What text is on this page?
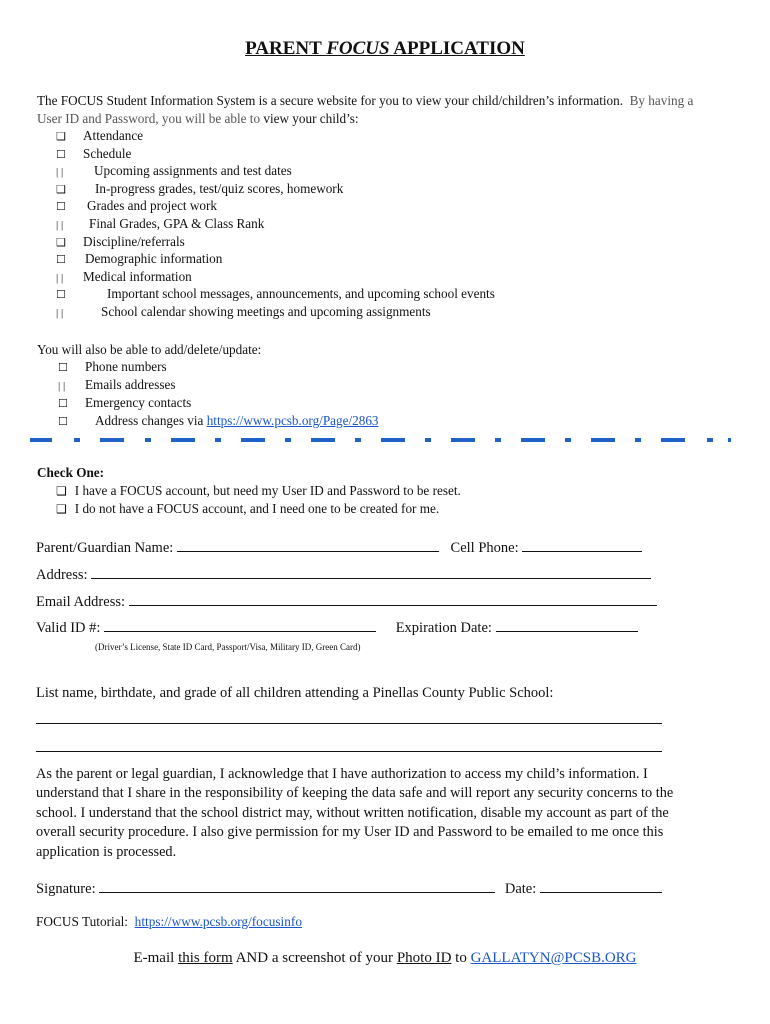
PARENT FOCUS APPLICATION
The FOCUS Student Information System is a secure website for you to view your child/children’s information. By having a
User ID and Password, you will be able to view your child’s:
❑ Attendance
☐ Schedule
| | Upcoming assignments and test dates
❑ In-progress grades, test/quiz scores, homework
☐ Grades and project work
| | Final Grades, GPA & Class Rank
❑ Discipline/referrals
☐ Demographic information
| | Medical information
☐	Important school messages, announcements, and upcoming school events
| |	School calendar showing meetings and upcoming assignments
You will also be able to add/delete/update:
☐ Phone numbers
| | Emails addresses
☐ Emergency contacts
☐ Address changes via https://www.pcsb.org/Page/2863
Check One:
❑ I have a FOCUS account, but need my User ID and Password to be reset.
❑ I do not have a FOCUS account, and I need one to be created for me.
Parent/Guardian Name:	Cell Phone:
Address:
Email Address:
Valid ID #:	Expiration Date:
(Driver’s License, State ID Card, Passport/Visa, Military ID, Green Card)
List name, birthdate, and grade of all children attending a Pinellas County Public School:
As the parent or legal guardian, I acknowledge that I have authorization to access my child’s information. I
understand that I share in the responsibility of keeping the data safe and will report any security concerns to the
school. I understand that the school district may, without written notification, disable my account as part of the
overall security procedure. I also give permission for my User ID and Password to be emailed to me once this
application is processed.
Signature:	Date:
FOCUS Tutorial: https://www.pcsb.org/focusinfo
E-mail this form AND a screenshot of your Photo ID to GALLATYN@PCSB.ORG
